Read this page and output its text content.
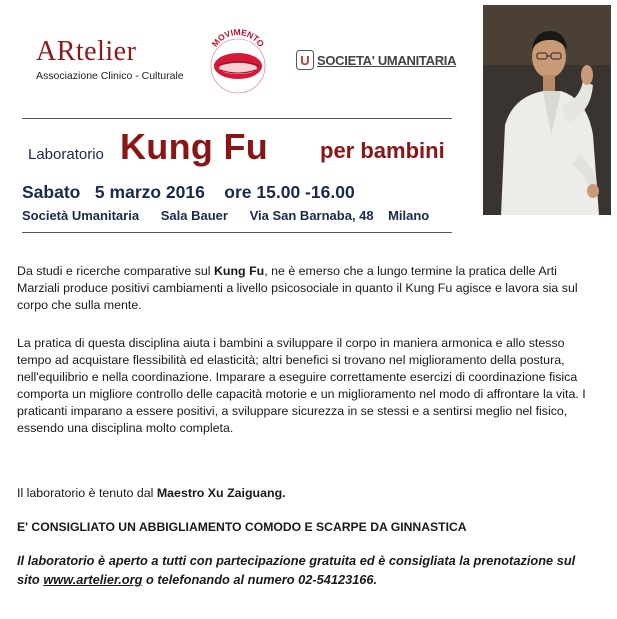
ARtelier
Associazione Clinico - Culturale
MOVIMENTO
U SOCIETA' UMANITARIA
Laboratorio Kung Fu per bambini
Sabato   5 marzo 2016    ore 15.00 -16.00
Società Umanitaria      Sala Bauer      Via San Barnaba, 48    Milano
Da studi e ricerche comparative sul Kung Fu, ne è emerso che a lungo termine la pratica delle Arti Marziali produce positivi cambiamenti a livello psicosociale in quanto il Kung Fu agisce e lavora sia sul corpo che sulla mente.
La pratica di questa disciplina aiuta i bambini a sviluppare il corpo in maniera armonica e allo stesso tempo ad acquistare flessibilità ed elasticità; altri benefici si trovano nel miglioramento della postura, nell'equilibrio e nella coordinazione. Imparare a eseguire correttamente esercizi di coordinazione fisica comporta un migliore controllo delle capacità motorie e un miglioramento nel modo di affrontare la vita. I praticanti imparano a essere positivi, a sviluppare sicurezza in se stessi e a sentirsi meglio nel fisico, essendo una disciplina molto completa.
Il laboratorio è tenuto dal Maestro Xu Zaiguang.
E' CONSIGLIATO UN ABBIGLIAMENTO COMODO E SCARPE DA GINNASTICA
Il laboratorio è aperto a tutti con partecipazione gratuita ed è consigliata la prenotazione sul sito www.artelier.org o telefonando al numero 02-54123166.
